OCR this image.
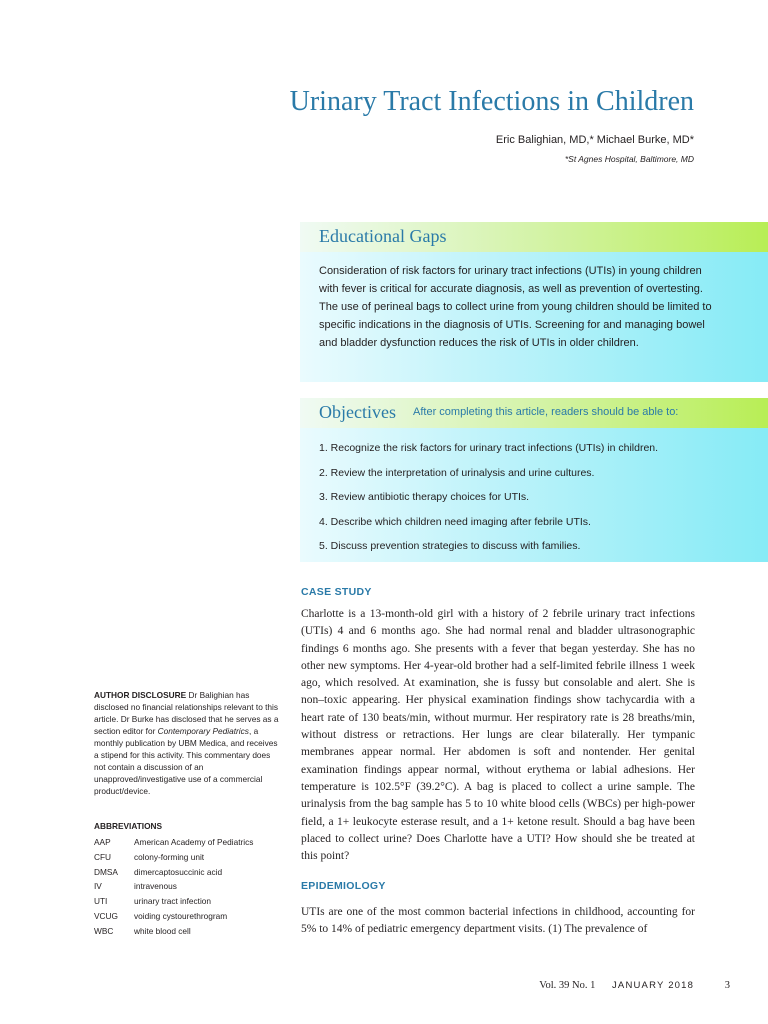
Urinary Tract Infections in Children
Eric Balighian, MD,* Michael Burke, MD*
*St Agnes Hospital, Baltimore, MD
Educational Gaps
Consideration of risk factors for urinary tract infections (UTIs) in young children with fever is critical for accurate diagnosis, as well as prevention of overtesting. The use of perineal bags to collect urine from young children should be limited to specific indications in the diagnosis of UTIs. Screening for and managing bowel and bladder dysfunction reduces the risk of UTIs in older children.
Objectives After completing this article, readers should be able to:
1. Recognize the risk factors for urinary tract infections (UTIs) in children.
2. Review the interpretation of urinalysis and urine cultures.
3. Review antibiotic therapy choices for UTIs.
4. Describe which children need imaging after febrile UTIs.
5. Discuss prevention strategies to discuss with families.
CASE STUDY
Charlotte is a 13-month-old girl with a history of 2 febrile urinary tract infections (UTIs) 4 and 6 months ago. She had normal renal and bladder ultrasonographic findings 6 months ago. She presents with a fever that began yesterday. She has no other new symptoms. Her 4-year-old brother had a self-limited febrile illness 1 week ago, which resolved. At examination, she is fussy but consolable and alert. She is non–toxic appearing. Her physical examination findings show tachycardia with a heart rate of 130 beats/min, without murmur. Her respiratory rate is 28 breaths/min, without distress or retractions. Her lungs are clear bilaterally. Her tympanic membranes appear normal. Her abdomen is soft and nontender. Her genital examination findings appear normal, without erythema or labial adhesions. Her temperature is 102.5°F (39.2°C). A bag is placed to collect a urine sample. The urinalysis from the bag sample has 5 to 10 white blood cells (WBCs) per high-power field, a 1+ leukocyte esterase result, and a 1+ ketone result. Should a bag have been placed to collect urine? Does Charlotte have a UTI? How should she be treated at this point?
EPIDEMIOLOGY
UTIs are one of the most common bacterial infections in childhood, accounting for 5% to 14% of pediatric emergency department visits. (1) The prevalence of
AUTHOR DISCLOSURE Dr Balighian has disclosed no financial relationships relevant to this article. Dr Burke has disclosed that he serves as a section editor for Contemporary Pediatrics, a monthly publication by UBM Medica, and receives a stipend for this activity. This commentary does not contain a discussion of an unapproved/investigative use of a commercial product/device.
ABBREVIATIONS
AAP	American Academy of Pediatrics
CFU	colony-forming unit
DMSA dimercaptosuccinic acid
IV	intravenous
UTI	urinary tract infection
VCUG voiding cystourethrogram
WBC white blood cell
Vol. 39 No. 1 JANUARY 2018	3
